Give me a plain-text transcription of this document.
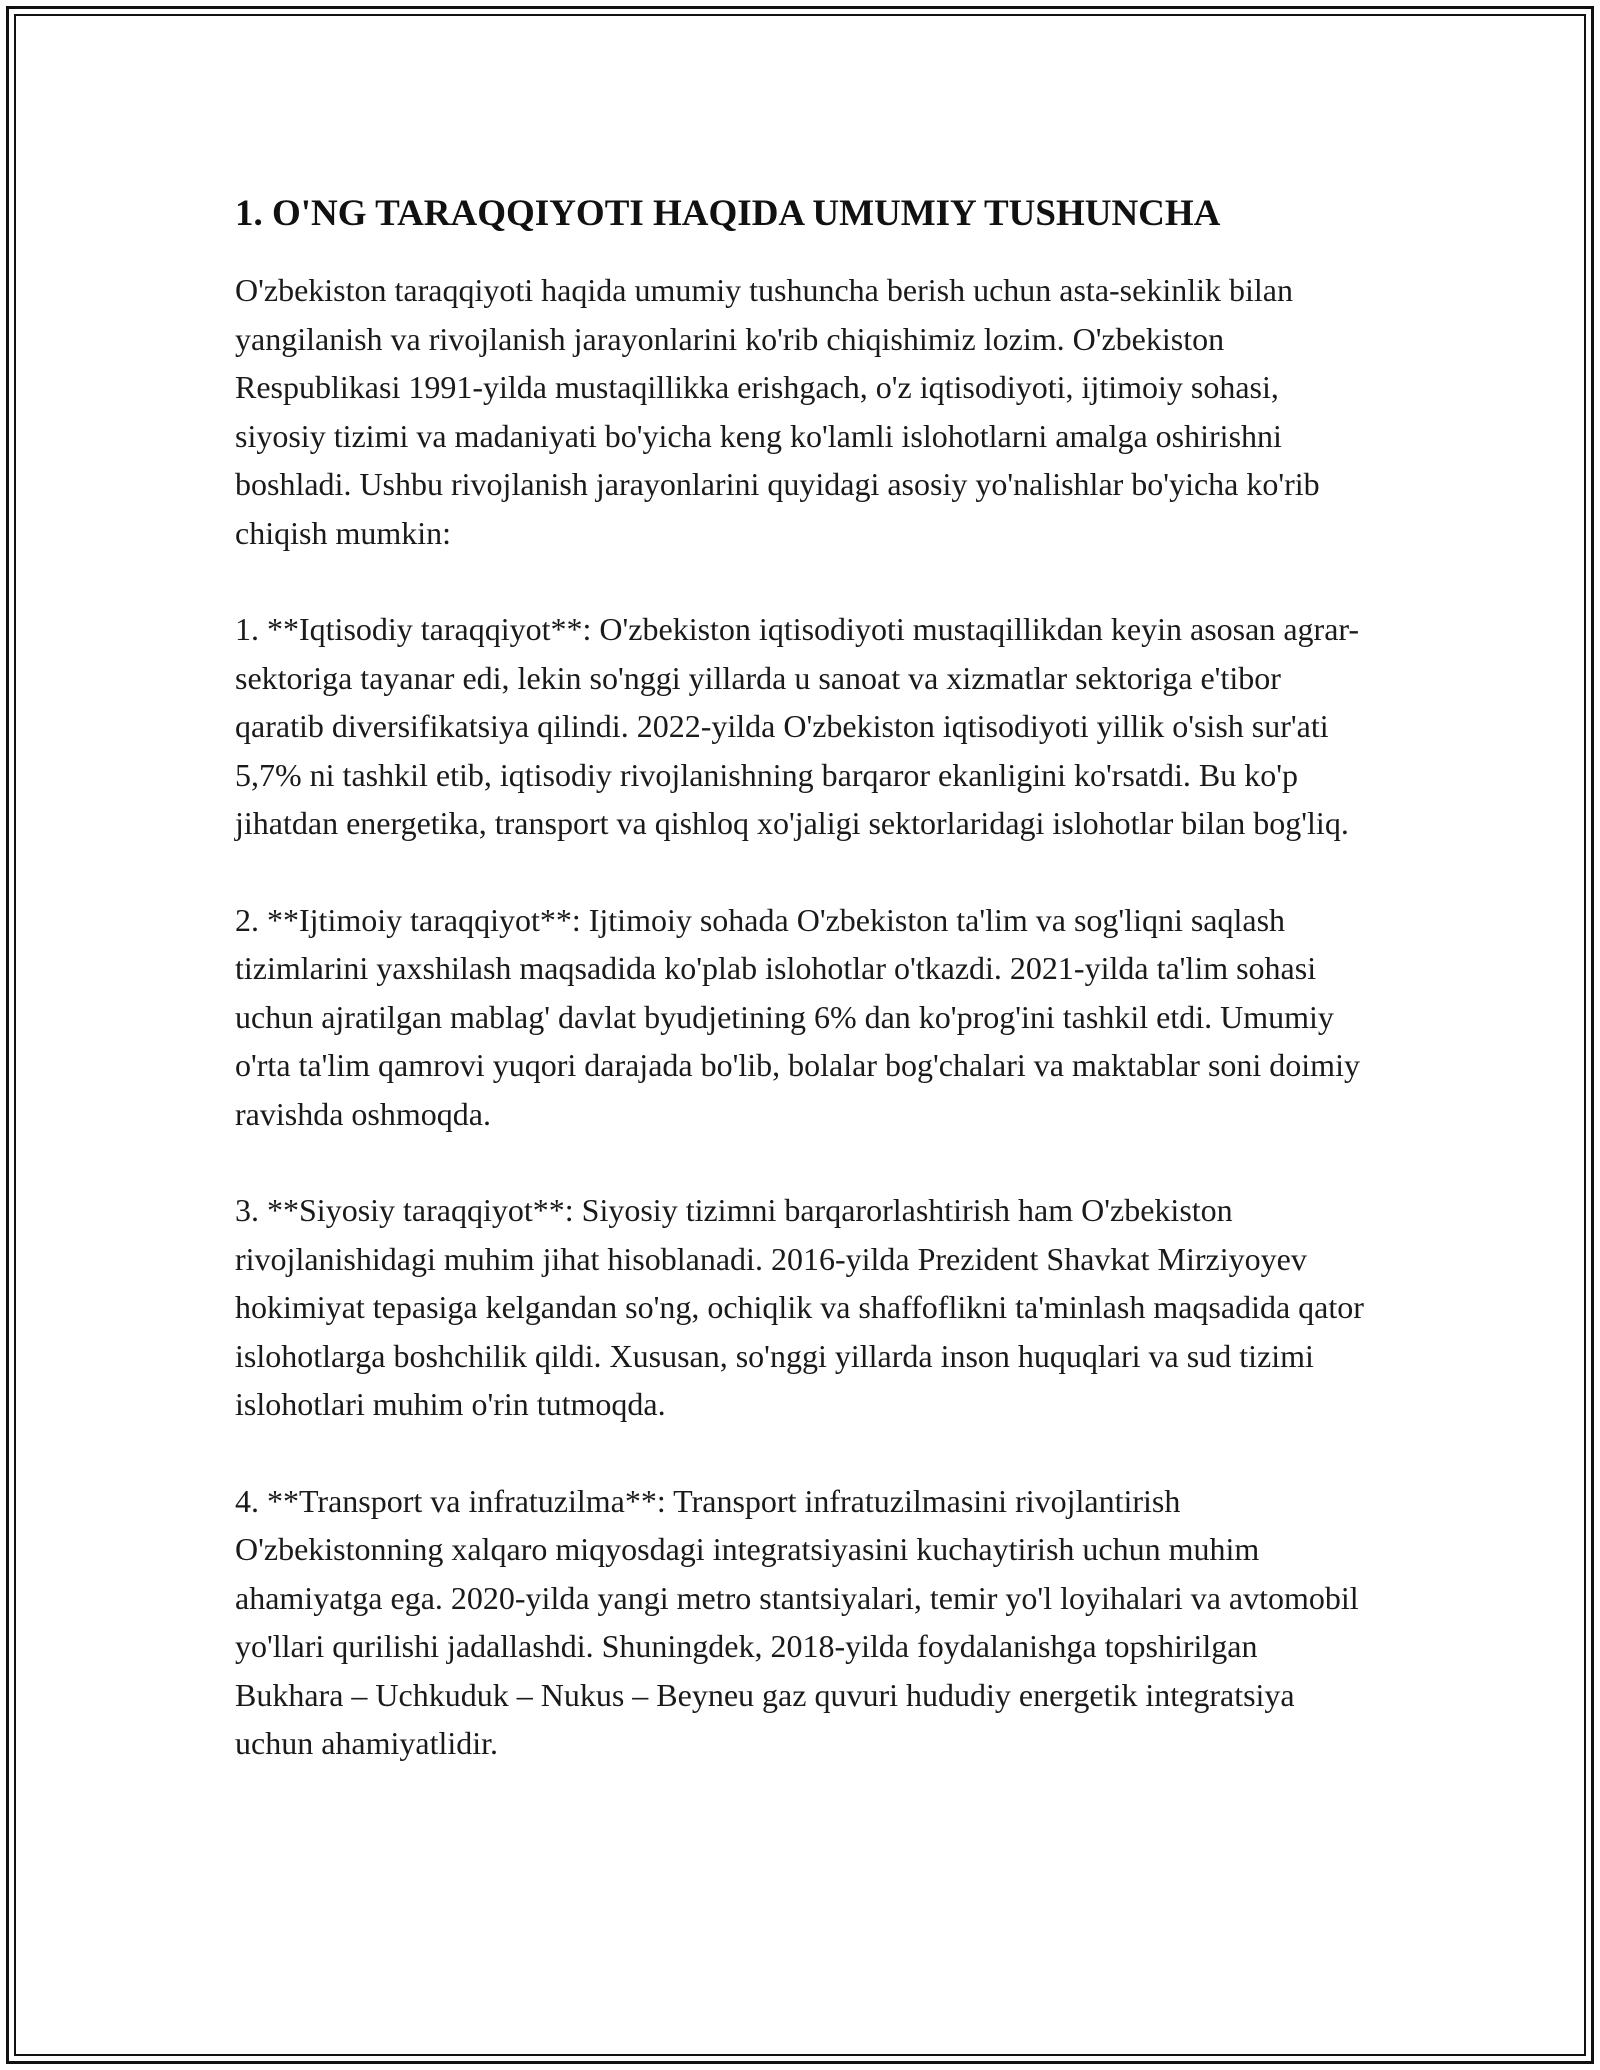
1. O'NG TARAQQIYOTI HAQIDA UMUMIY TUSHUNCHA

O'zbekiston taraqqiyoti haqida umumiy tushuncha berish uchun asta-sekinlik bilan yangilanish va rivojlanish jarayonlarini ko'rib chiqishimiz lozim. O'zbekiston Respublikasi 1991-yilda mustaqillikka erishgach, o'z iqtisodiyoti, ijtimoiy sohasi, siyosiy tizimi va madaniyati bo'yicha keng ko'lamli islohotlarni amalga oshirishni boshladi. Ushbu rivojlanish jarayonlarini quyidagi asosiy yo'nalishlar bo'yicha ko'rib chiqish mumkin:

1. **Iqtisodiy taraqqiyot**: O'zbekiston iqtisodiyoti mustaqillikdan keyin asosan agrar-sektoriga tayanar edi, lekin so'nggi yillarda u sanoat va xizmatlar sektoriga e'tibor qaratib diversifikatsiya qilindi. 2022-yilda O'zbekiston iqtisodiyoti yillik o'sish sur'ati 5,7% ni tashkil etib, iqtisodiy rivojlanishning barqaror ekanligini ko'rsatdi. Bu ko'p jihatdan energetika, transport va qishloq xo'jaligi sektorlaridagi islohotlar bilan bog'liq.

2. **Ijtimoiy taraqqiyot**: Ijtimoiy sohada O'zbekiston ta'lim va sog'liqni saqlash tizimlarini yaxshilash maqsadida ko'plab islohotlar o'tkazdi. 2021-yilda ta'lim sohasi uchun ajratilgan mablag' davlat byudjetining 6% dan ko'prog'ini tashkil etdi. Umumiy o'rta ta'lim qamrovi yuqori darajada bo'lib, bolalar bog'chalari va maktablar soni doimiy ravishda oshmoqda.

3. **Siyosiy taraqqiyot**: Siyosiy tizimni barqarorlashtirish ham O'zbekiston rivojlanishidagi muhim jihat hisoblanadi. 2016-yilda Prezident Shavkat Mirziyoyev hokimiyat tepasiga kelgandan so'ng, ochiqlik va shaffoflikni ta'minlash maqsadida qator islohotlarga boshchilik qildi. Xususan, so'nggi yillarda inson huquqlari va sud tizimi islohotlari muhim o'rin tutmoqda.

4. **Transport va infratuzilma**: Transport infratuzilmasini rivojlantirish O'zbekistonning xalqaro miqyosdagi integratsiyasini kuchaytirish uchun muhim ahamiyatga ega. 2020-yilda yangi metro stantsiyalari, temir yo'l loyihalari va avtomobil yo'llari qurilishi jadallashdi. Shuningdek, 2018-yilda foydalanishga topshirilgan Bukhara – Uchkuduk – Nukus – Beyneu gaz quvuri hududiy energetik integratsiya uchun ahamiyatlidir.
